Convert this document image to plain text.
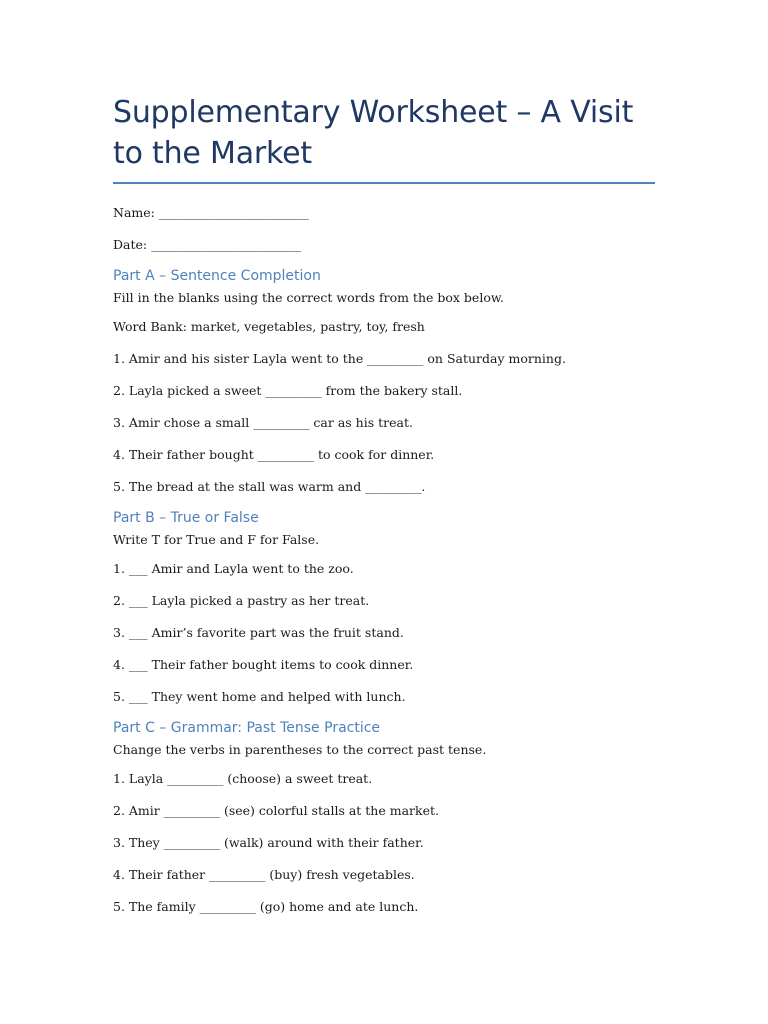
Supplementary Worksheet – A Visit to the Market

Name: ________________________

Date: ________________________

Part A – Sentence Completion

Fill in the blanks using the correct words from the box below.

Word Bank: market, vegetables, pastry, toy, fresh

1. Amir and his sister Layla went to the _________ on Saturday morning.

2. Layla picked a sweet _________ from the bakery stall.

3. Amir chose a small _________ car as his treat.

4. Their father bought _________ to cook for dinner.

5. The bread at the stall was warm and _________.

Part B – True or False

Write T for True and F for False.

1. ___ Amir and Layla went to the zoo.

2. ___ Layla picked a pastry as her treat.

3. ___ Amir’s favorite part was the fruit stand.

4. ___ Their father bought items to cook dinner.

5. ___ They went home and helped with lunch.

Part C – Grammar: Past Tense Practice

Change the verbs in parentheses to the correct past tense.

1. Layla _________ (choose) a sweet treat.

2. Amir _________ (see) colorful stalls at the market.

3. They _________ (walk) around with their father.

4. Their father _________ (buy) fresh vegetables.

5. The family _________ (go) home and ate lunch.
